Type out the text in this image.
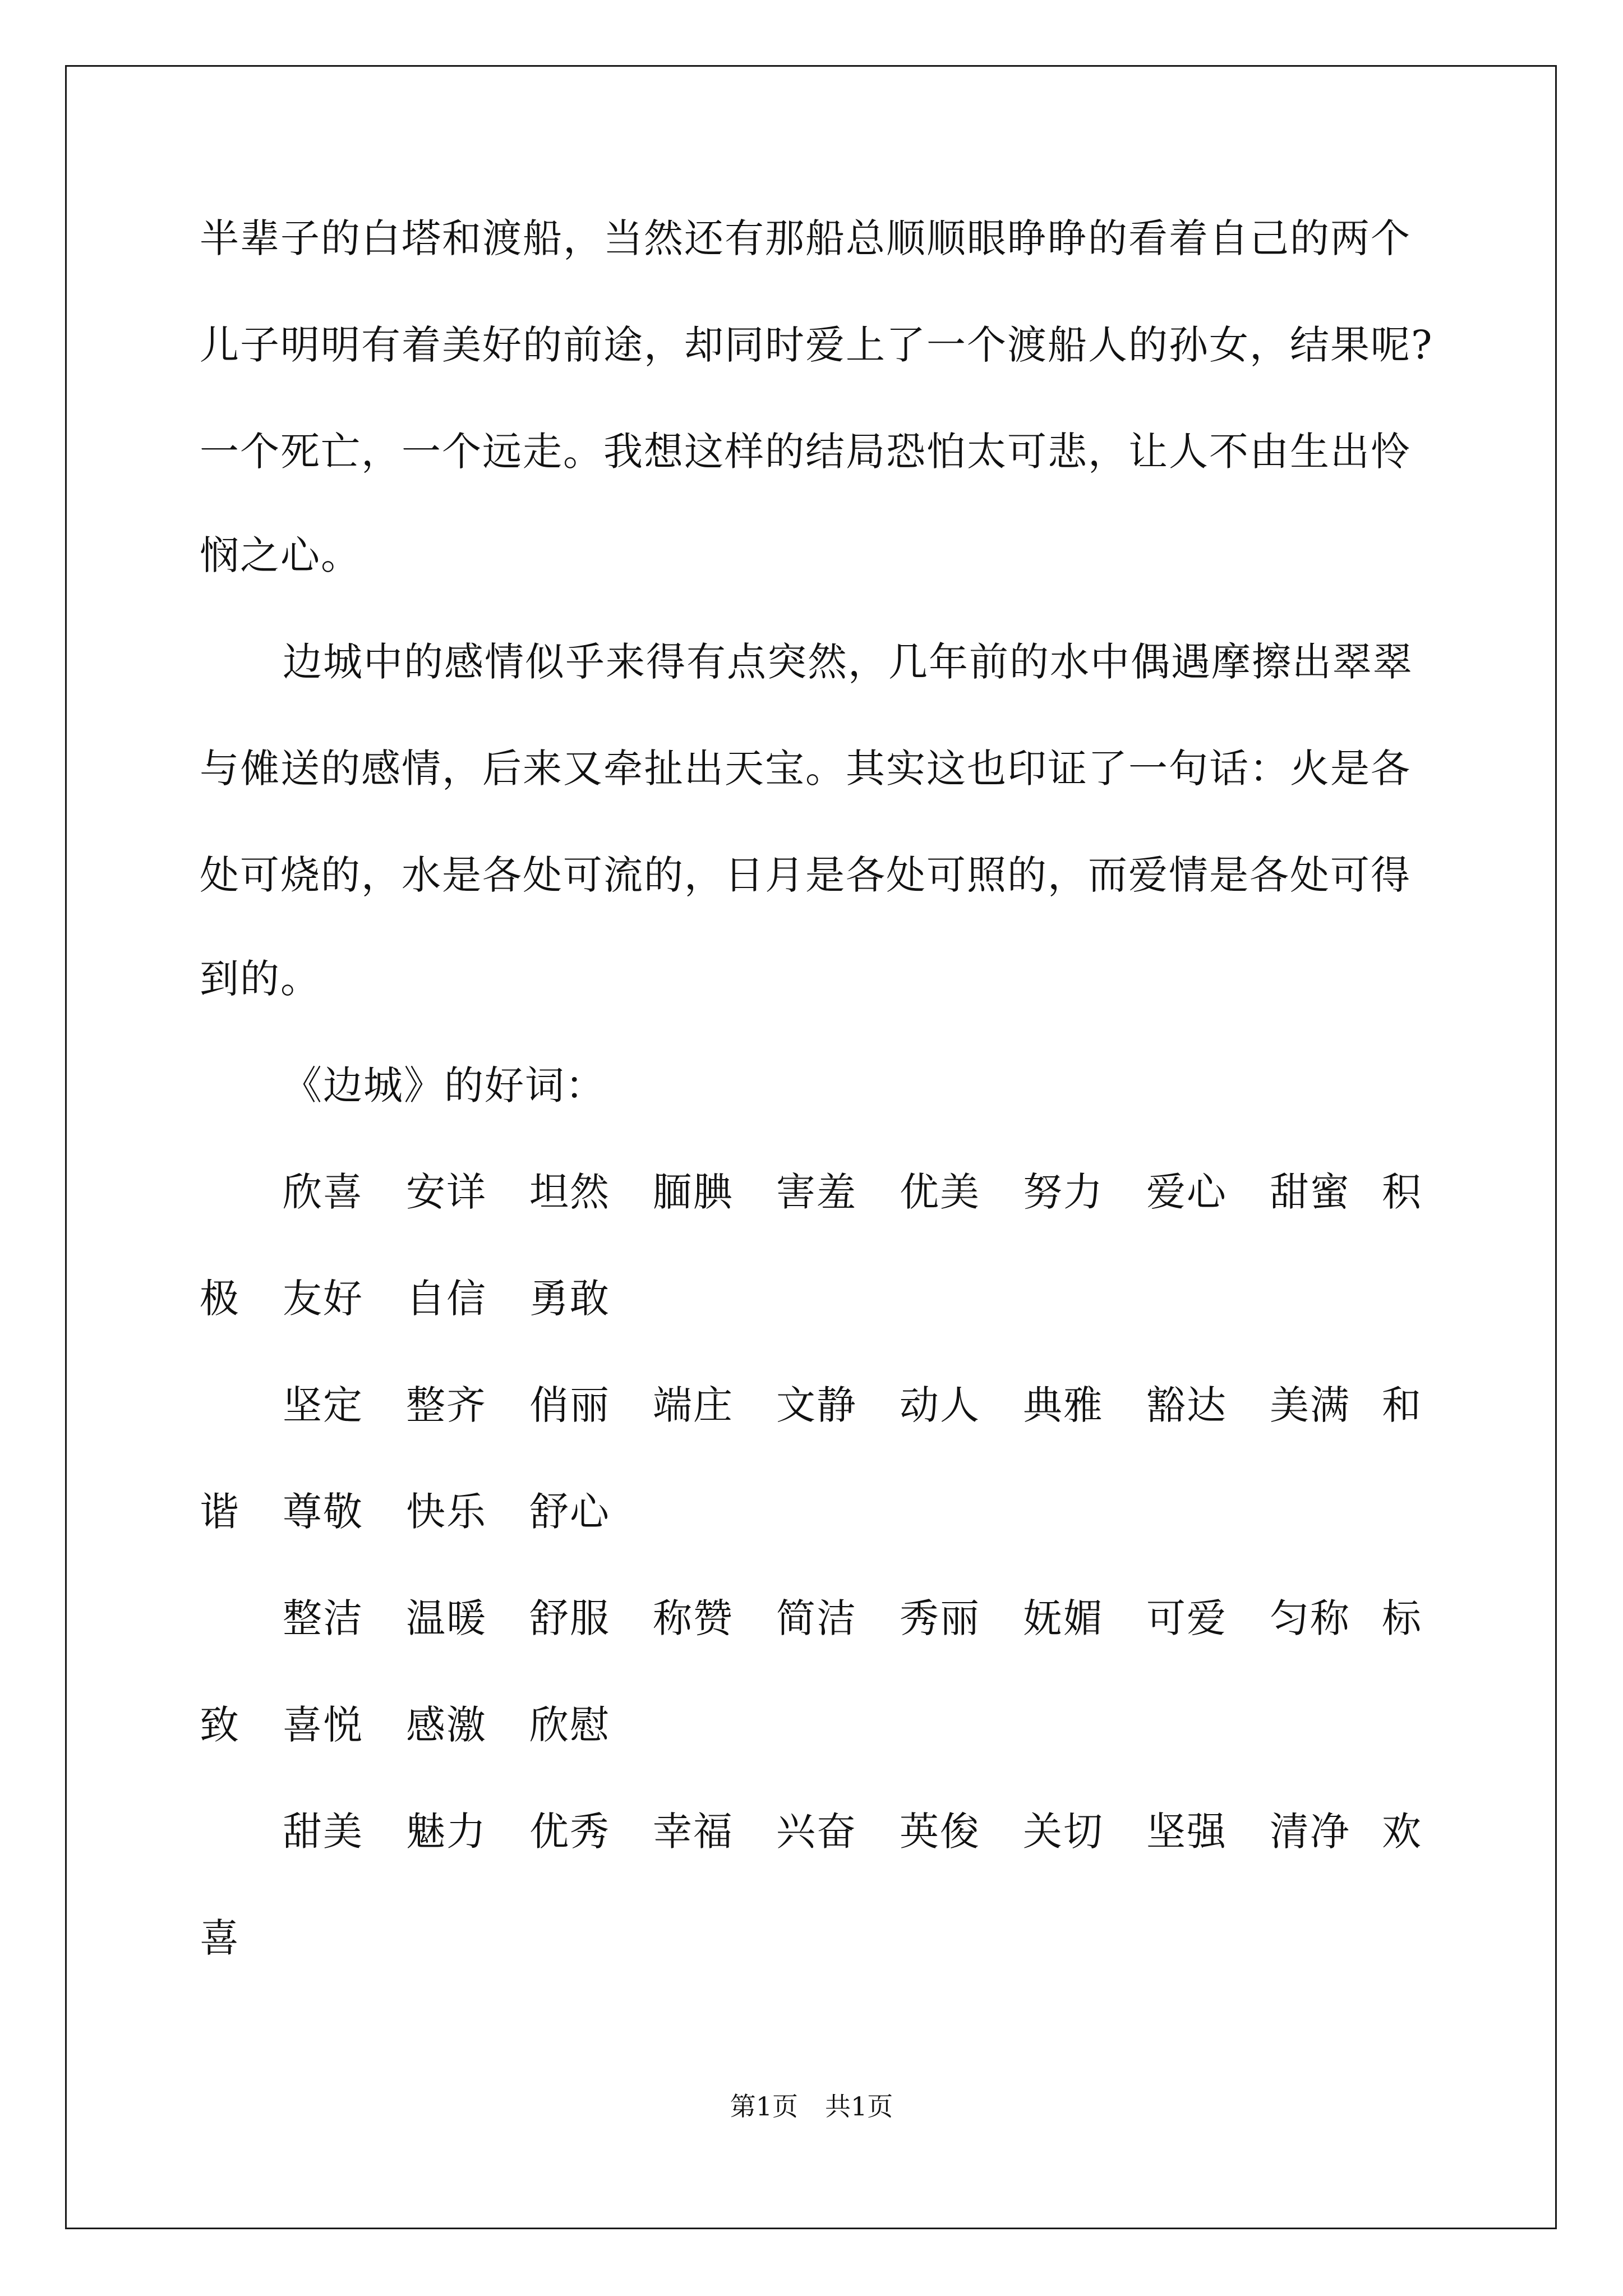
半辈子的白塔和渡船，当然还有那船总顺顺眼睁睁的看着自己的两个
儿子明明有着美好的前途，却同时爱上了一个渡船人的孙女，结果呢?
一个死亡，一个远走。我想这样的结局恐怕太可悲，让人不由生出怜
悯之心。
边城中的感情似乎来得有点突然，几年前的水中偶遇摩擦出翠翠
与傩送的感情，后来又牵扯出天宝。其实这也印证了一句话：火是各
处可烧的，水是各处可流的，日月是各处可照的，而爱情是各处可得
到的。
《边城》的好词：
欣喜 安详 坦然 腼腆 害羞 优美 努力 爱心 甜蜜 积
极 友好 自信 勇敢
坚定 整齐 俏丽 端庄 文静 动人 典雅 豁达 美满 和
谐 尊敬 快乐 舒心
整洁 温暖 舒服 称赞 简洁 秀丽 妩媚 可爱 匀称 标
致 喜悦 感激 欣慰
甜美 魅力 优秀 幸福 兴奋 英俊 关切 坚强 清净 欢
喜
第1页 共1页
